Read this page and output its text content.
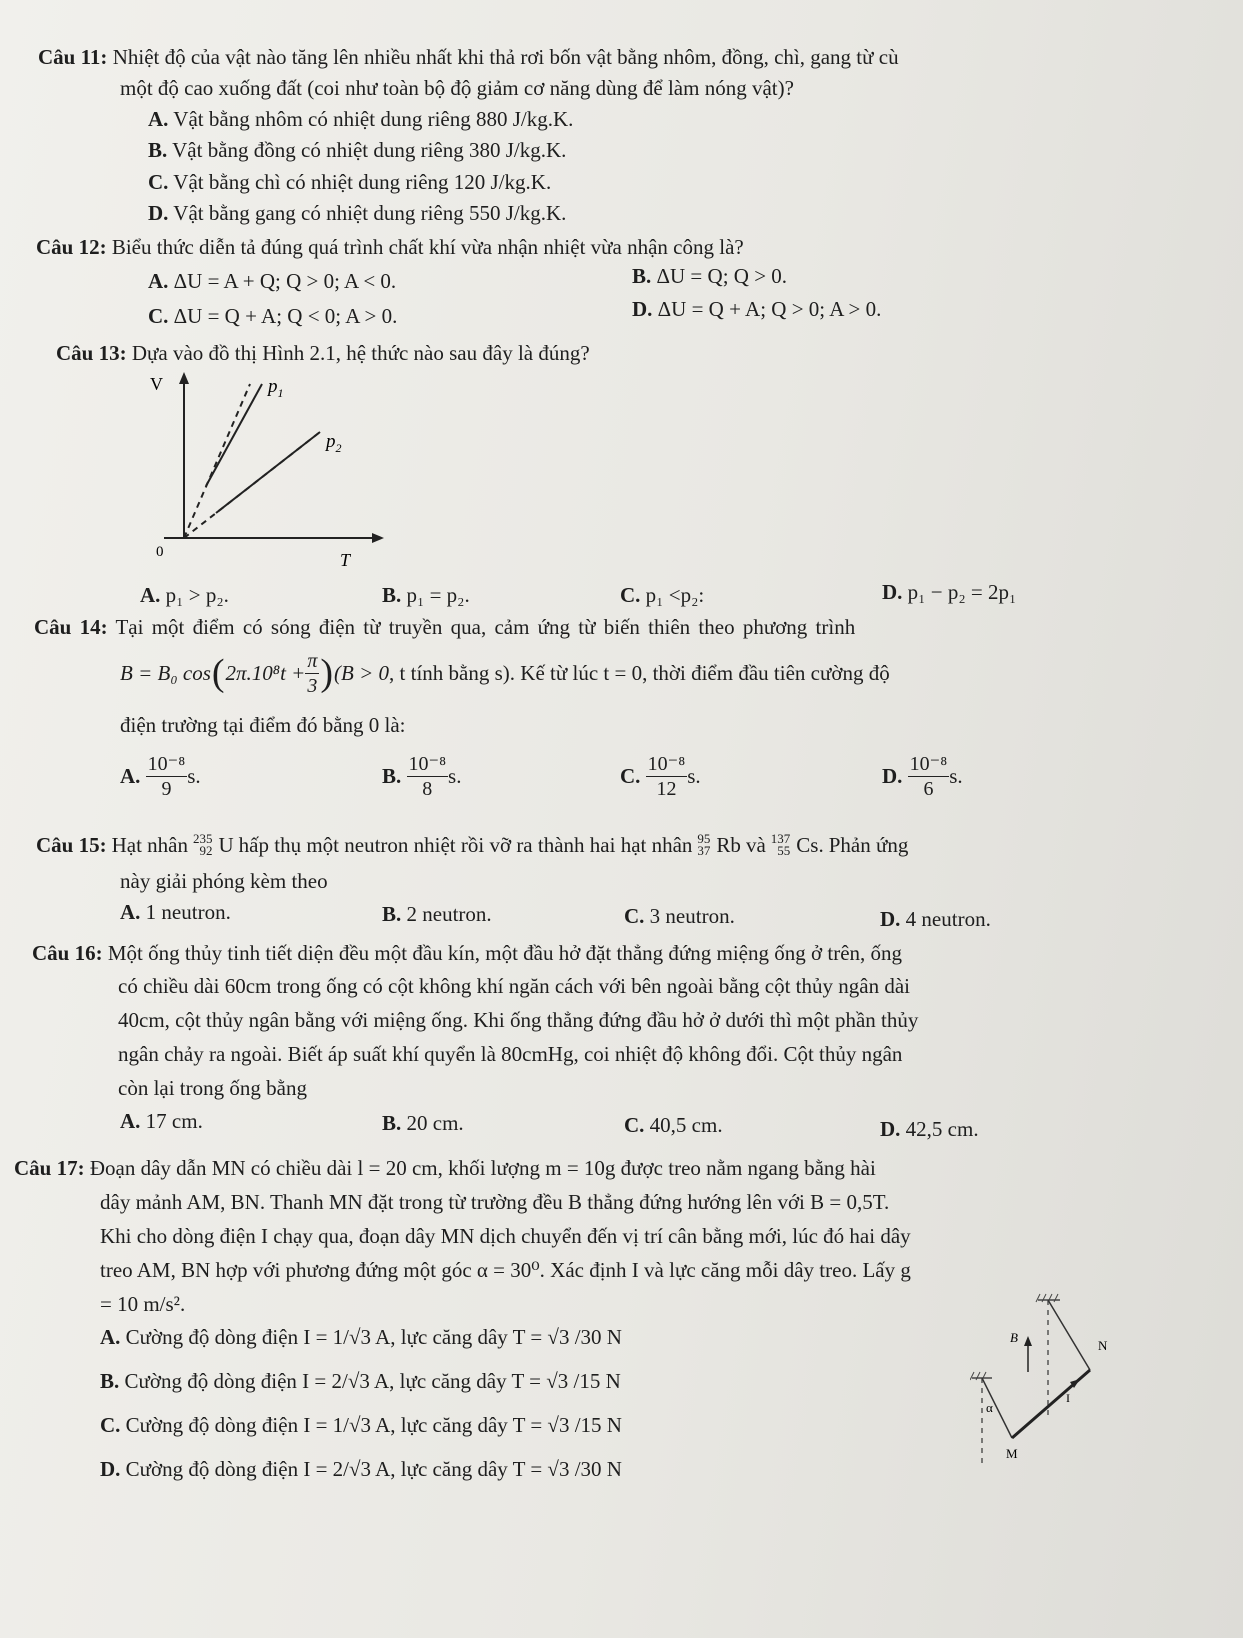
Câu 11: Nhiệt độ của vật nào tăng lên nhiều nhất khi thả rơi bốn vật bằng nhôm, đồng, chì, gang từ cù
một độ cao xuống đất (coi như toàn bộ độ giảm cơ năng dùng để làm nóng vật)?
A. Vật bằng nhôm có nhiệt dung riêng 880 J/kg.K.
B. Vật bằng đồng có nhiệt dung riêng 380 J/kg.K.
C. Vật bằng chì có nhiệt dung riêng 120 J/kg.K.
D. Vật bằng gang có nhiệt dung riêng 550 J/kg.K.
Câu 12: Biểu thức diễn tả đúng quá trình chất khí vừa nhận nhiệt vừa nhận công là?
A. ΔU = A + Q; Q > 0; A < 0.	B. ΔU = Q; Q > 0.
C. ΔU = Q + A; Q < 0; A > 0.	D. ΔU = Q + A; Q > 0; A > 0.
Câu 13: Dựa vào đồ thị Hình 2.1, hệ thức nào sau đây là đúng?
V
T
0
$p_1$
$p_2$
A. p₁ > p₂.	B. p₁ = p₂.	C. p₁ <p₂:	D. p₁ − p₂ = 2p₁
Câu 14: Tại một điểm có sóng điện từ truyền qua, cảm ứng từ biến thiên theo phương trình
B = B₀ cos ( $2\pi.10^8t + \frac{\pi}{3}$ ) (B > 0 , t tính bằng s). Kế từ lúc t = 0, thời điểm đầu tiên cường độ
điện trường tại điểm đó bằng 0 là:
A.
$\frac{\text{10⁻⁸}}{9} s$.	B.
$\frac{\text{10⁻⁸}}{8} s$.	C.
$\frac{\text{10⁻⁸}}{12} s$.	D.
$\frac{\text{10⁻⁸}}{6} s$.
Câu 15: Hạt nhân 235
92 U hấp thụ một neutron nhiệt rồi vỡ ra thành hai hạt nhân 95
37 Rb và 137
55 Cs. Phản ứng
này giải phóng kèm theo
A. 1 neutron.	B. 2 neutron.	C. 3 neutron.	D. 4 neutron.
Câu 16: Một ống thủy tinh tiết diện đều một đầu kín, một đầu hở đặt thẳng đứng miệng ống ở trên, ống
có chiều dài 60cm trong ống có cột không khí ngăn cách với bên ngoài bằng cột thủy ngân dài
40cm, cột thủy ngân bằng với miệng ống. Khi ống thẳng đứng đầu hở ở dưới thì một phần thủy
ngân chảy ra ngoài. Biết áp suất khí quyển là 80cmHg, coi nhiệt độ không đổi. Cột thủy ngân
còn lại trong ống bằng
A. 17 cm.	B. 20 cm.	C. 40,5 cm.	D. 42,5 cm.
Câu 17: Đoạn dây dẫn MN có chiều dài l = 20 cm, khối lượng m = 10g được treo nằm ngang bằng hài
dây mảnh AM, BN. Thanh MN đặt trong từ trường đều B thẳng đứng hướng lên với B = 0,5T.
Khi cho dòng điện I chạy qua, đoạn dây MN dịch chuyển đến vị trí cân bằng mới, lúc đó hai dây
treo AM, BN hợp với phương đứng một góc α = 30⁰. Xác định I và lực căng mỗi dây treo. Lấy g
= 10 m/s².
A. Cường độ dòng điện I = 1/√3 A, lực căng dây T = √3 /30 N
B. Cường độ dòng điện I = 2/√3 A, lực căng dây T = √3 /15 N
C. Cường độ dòng điện I = 1/√3 A, lực căng dây T = √3 /15 N
D. Cường độ dòng điện I = 2/√3 A, lực căng dây T = √3 /30 N
B
N
α
I
M
